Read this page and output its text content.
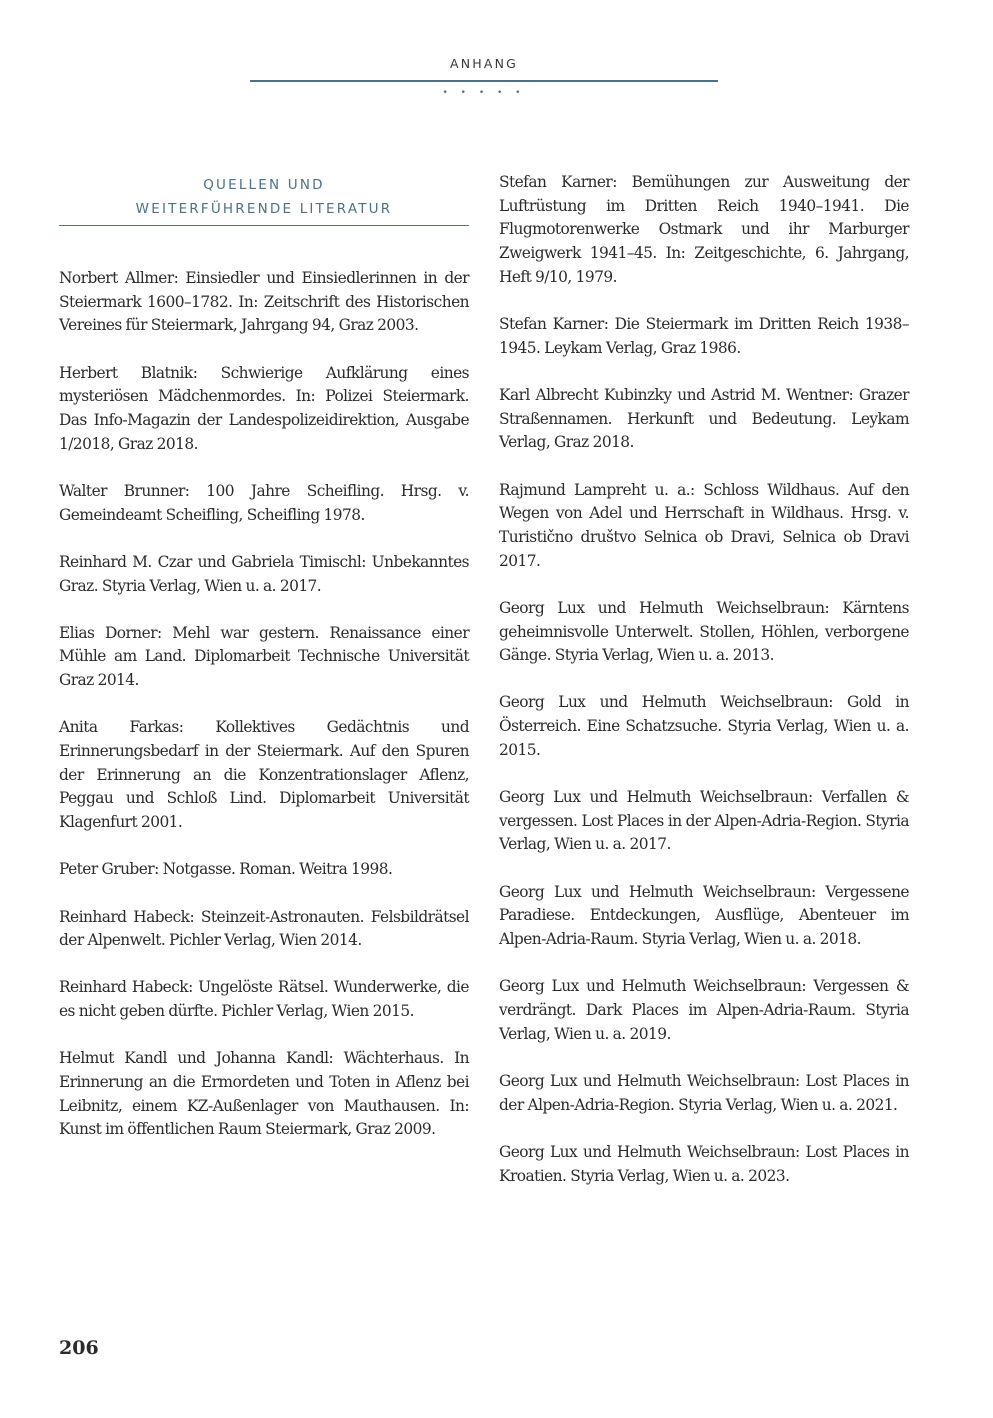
ANHANG
• • • • •
QUELLEN UND
WEITERFÜHRENDE LITERATUR

Norbert Allmer: Einsiedler und Einsiedlerinnen in der Steiermark 1600–1782. In: Zeitschrift des Historischen Vereines für Steiermark, Jahrgang 94, Graz 2003.

Herbert Blatnik: Schwierige Aufklärung eines mysteriösen Mädchenmordes. In: Polizei Steiermark. Das Info-Magazin der Landespolizeidirektion, Ausgabe 1/2018, Graz 2018.

Walter Brunner: 100 Jahre Scheifling. Hrsg. v. Gemeindeamt Scheifling, Scheifling 1978.

Reinhard M. Czar und Gabriela Timischl: Unbekanntes Graz. Styria Verlag, Wien u. a. 2017.

Elias Dorner: Mehl war gestern. Renaissance einer Mühle am Land. Diplomarbeit Technische Universität Graz 2014.

Anita Farkas: Kollektives Gedächtnis und Erinnerungsbedarf in der Steiermark. Auf den Spuren der Erinnerung an die Konzentrationslager Aflenz, Peggau und Schloß Lind. Diplomarbeit Universität Klagenfurt 2001.

Peter Gruber: Notgasse. Roman. Weitra 1998.

Reinhard Habeck: Steinzeit-Astronauten. Felsbildrätsel der Alpenwelt. Pichler Verlag, Wien 2014.

Reinhard Habeck: Ungelöste Rätsel. Wunderwerke, die es nicht geben dürfte. Pichler Verlag, Wien 2015.

Helmut Kandl und Johanna Kandl: Wächterhaus. In Erinnerung an die Ermordeten und Toten in Aflenz bei Leibnitz, einem KZ-Außenlager von Mauthausen. In: Kunst im öffentlichen Raum Steiermark, Graz 2009.

Stefan Karner: Bemühungen zur Ausweitung der Luftrüstung im Dritten Reich 1940–1941. Die Flugmotorenwerke Ostmark und ihr Marburger Zweigwerk 1941–45. In: Zeitgeschichte, 6. Jahrgang, Heft 9/10, 1979.

Stefan Karner: Die Steiermark im Dritten Reich 1938–1945. Leykam Verlag, Graz 1986.

Karl Albrecht Kubinzky und Astrid M. Wentner: Grazer Straßennamen. Herkunft und Bedeutung. Leykam Verlag, Graz 2018.

Rajmund Lampreht u. a.: Schloss Wildhaus. Auf den Wegen von Adel und Herrschaft in Wildhaus. Hrsg. v. Turistično društvo Selnica ob Dravi, Selnica ob Dravi 2017.

Georg Lux und Helmuth Weichselbraun: Kärntens geheimnisvolle Unterwelt. Stollen, Höhlen, verborgene Gänge. Styria Verlag, Wien u. a. 2013.

Georg Lux und Helmuth Weichselbraun: Gold in Österreich. Eine Schatzsuche. Styria Verlag, Wien u. a. 2015.

Georg Lux und Helmuth Weichselbraun: Verfallen & vergessen. Lost Places in der Alpen-Adria-Region. Styria Verlag, Wien u. a. 2017.

Georg Lux und Helmuth Weichselbraun: Vergessene Paradiese. Entdeckungen, Ausflüge, Abenteuer im Alpen-Adria-Raum. Styria Verlag, Wien u. a. 2018.

Georg Lux und Helmuth Weichselbraun: Vergessen & verdrängt. Dark Places im Alpen-Adria-Raum. Styria Verlag, Wien u. a. 2019.

Georg Lux und Helmuth Weichselbraun: Lost Places in der Alpen-Adria-Region. Styria Verlag, Wien u. a. 2021.

Georg Lux und Helmuth Weichselbraun: Lost Places in Kroatien. Styria Verlag, Wien u. a. 2023.

206
